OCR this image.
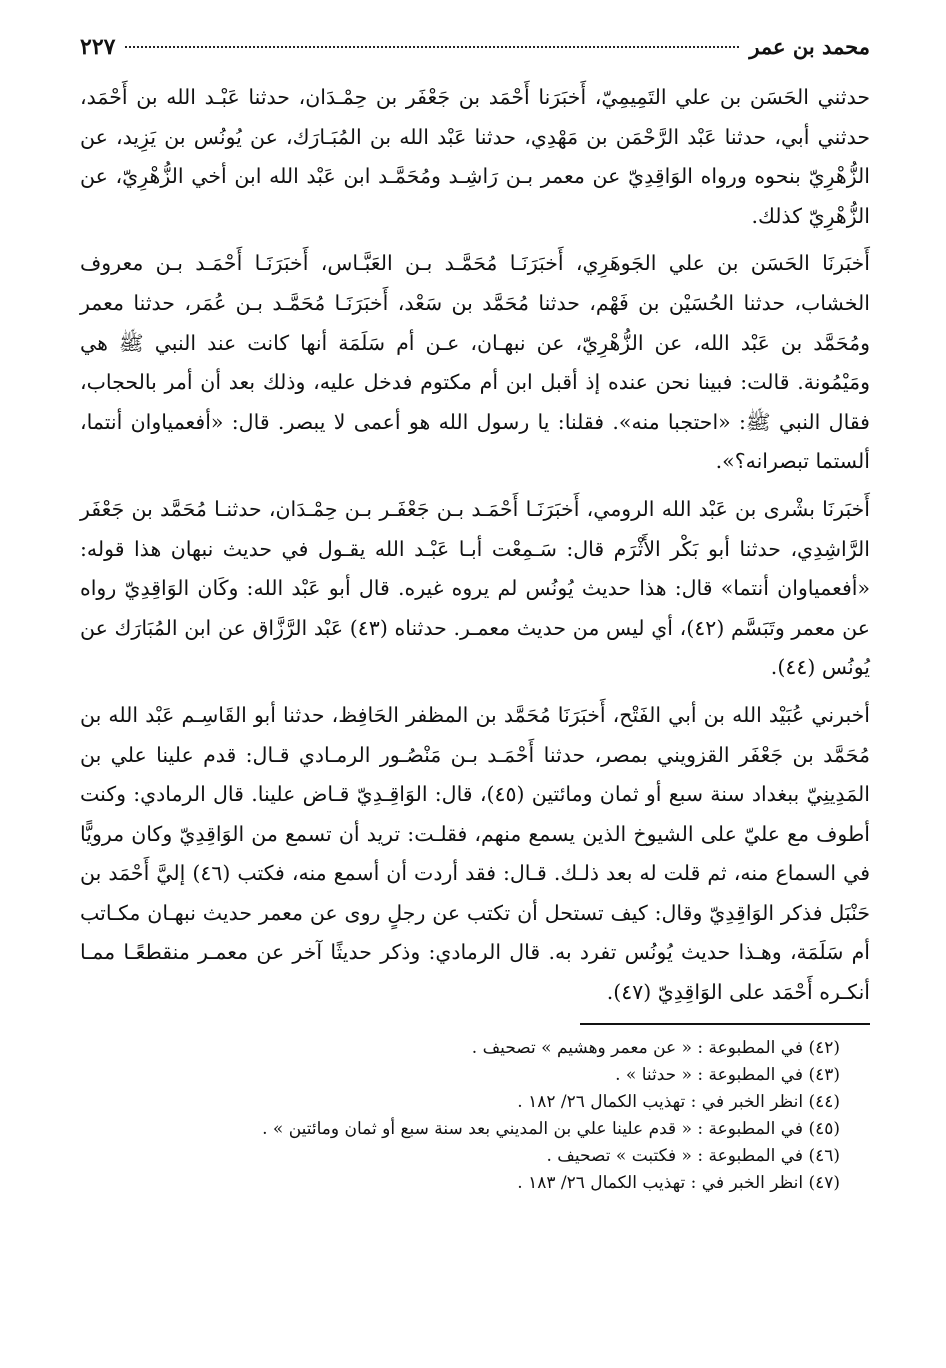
محمد بن عمر
٢٢٧

حدثني الحَسَن بن علي التَمِيمِيّ، أَخبَرَنا أَحْمَد بن جَعْفَر بن حِمْـدَان، حدثنا عَبْـد الله بن أَحْمَد، حدثني أبي، حدثنا عَبْد الرَّحْمَن بن مَهْدِي، حدثنا عَبْد الله بن المُبَـارَك، عن يُونُس بن يَزِيد، عن الزُّهْرِيّ بنحوه ورواه الوَاقِدِيّ عن معمر بـن رَاشِـد ومُحَمَّـد ابن عَبْد الله ابن أخي الزُّهْرِيّ، عن الزُّهْرِيّ كذلك.

أَخبَرنَا الحَسَن بن علي الجَوهَرِي، أَخبَرَنَـا مُحَمَّـد بـن العَبَّـاس، أَخبَرَنَـا أَحْمَـد بـن معروف الخشاب، حدثنا الحُسَيْن بن فَهْم، حدثنا مُحَمَّد بن سَعْد، أَخبَرَنَـا مُحَمَّـد بـن عُمَر، حدثنا معمر ومُحَمَّد بن عَبْد الله، عن الزُّهْرِيّ، عن نبهـان، عـن أم سَلَمَة أنها كانت عند النبي ﷺ هي ومَيْمُونة. قالت: فبينا نحن عنده إذ أقبل ابن أم مكتوم فدخل عليه، وذلك بعد أن أمر بالحجاب، فقال النبي ﷺ: «احتجبا منه». فقلنا: يا رسول الله هو أعمى لا يبصر. قال: «أفعمياوان أنتما، ألستما تبصرانه؟».

أَخبَرنَا بشْرى بن عَبْد الله الرومي، أَخبَرَنَـا أَحْمَـد بـن جَعْفَـر بـن حِمْـدَان، حدثنـا مُحَمَّد بن جَعْفَر الرَّاشِدِي، حدثنا أبو بَكْر الأَثْرَم قال: سَـمِعْت أبـا عَبْـد الله يقـول في حديث نبهان هذا قوله: «أفعمياوان أنتما» قال: هذا حديث يُونُس لم يروه غيره. قال أبو عَبْد الله: وكَان الوَاقِدِيّ رواه عن معمر وتَبَسَّم (٤٢)، أي ليس من حديث معمـر. حدثناه (٤٣) عَبْد الرَّزَّاق عن ابن المُبَارَك عن يُونُس (٤٤).

أخبرني عُبَيْد الله بن أبي الفَتْح، أَخبَرَنَا مُحَمَّد بن المظفر الحَافِظ، حدثنا أبو القَاسِـم عَبْد الله بن مُحَمَّد بن جَعْفَر القزويني بمصر، حدثنا أَحْمَـد بـن مَنْصُـور الرمـادي قـال: قدم علينا علي بن المَدِينِيّ ببغداد سنة سبع أو ثمان ومائتين (٤٥)، قال: الوَاقِـدِيّ قـاض علينا. قال الرمادي: وكنت أطوف مع عليّ على الشيوخ الذين يسمع منهم، فقلـت: تريد أن تسمع من الوَاقِدِيّ وكان مرويًّا في السماع منه، ثم قلت له بعد ذلـك. قـال: فقد أردت أن أسمع منه، فكتب (٤٦) إليَّ أَحْمَد بن حَنْبَل فذكر الوَاقِدِيّ وقال: كيف تستحل أن تكتب عن رجلٍ روى عن معمر حديث نبهـان مكـاتب أم سَلَمَة، وهـذا حديث يُونُس تفرد به. قال الرمادي: وذكر حديثًا آخر عن معمـر منقطعًـا ممـا أنكـره أَحْمَد على الوَاقِدِيّ (٤٧).

(٤٢) في المطبوعة : « عن معمر وهشيم » تصحيف .

(٤٣) في المطبوعة : « حدثنا » .

(٤٤) انظر الخبر في : تهذيب الكمال ٢٦/ ١٨٢ .

(٤٥) في المطبوعة : « قدم علينا علي بن المديني بعد سنة سبع أو ثمان ومائتين » .

(٤٦) في المطبوعة : « فكتبت » تصحيف .

(٤٧) انظر الخبر في : تهذيب الكمال ٢٦/ ١٨٣ .
